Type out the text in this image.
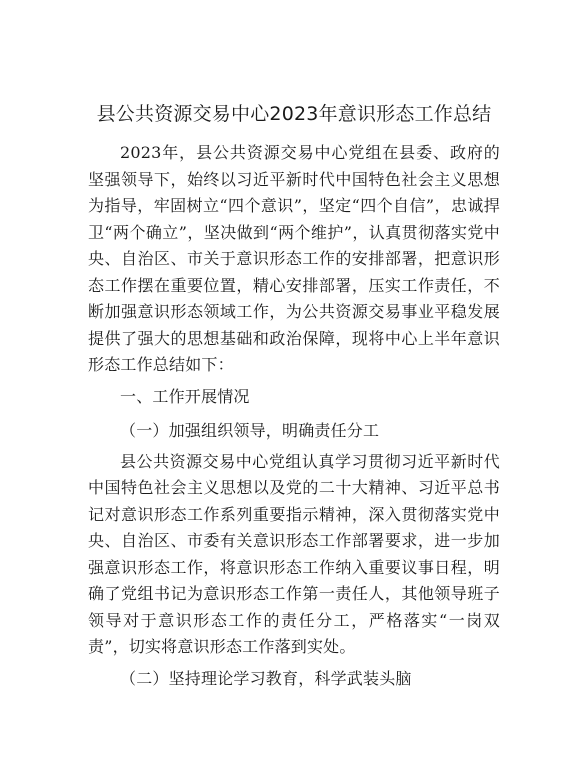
县公共资源交易中心2023年意识形态工作总结

2023年，县公共资源交易中心党组在县委、政府的坚强领导下，始终以习近平新时代中国特色社会主义思想为指导，牢固树立“四个意识”，坚定“四个自信”，忠诚捍卫“两个确立”，坚决做到“两个维护”，认真贯彻落实党中央、自治区、市关于意识形态工作的安排部署，把意识形态工作摆在重要位置，精心安排部署，压实工作责任，不断加强意识形态领域工作，为公共资源交易事业平稳发展提供了强大的思想基础和政治保障，现将中心上半年意识形态工作总结如下：

一、工作开展情况

（一）加强组织领导，明确责任分工

县公共资源交易中心党组认真学习贯彻习近平新时代中国特色社会主义思想以及党的二十大精神、习近平总书记对意识形态工作系列重要指示精神，深入贯彻落实党中央、自治区、市委有关意识形态工作部署要求，进一步加强意识形态工作，将意识形态工作纳入重要议事日程，明确了党组书记为意识形态工作第一责任人，其他领导班子领导对于意识形态工作的责任分工，严格落实“一岗双责”，切实将意识形态工作落到实处。

（二）坚持理论学习教育，科学武装头脑
